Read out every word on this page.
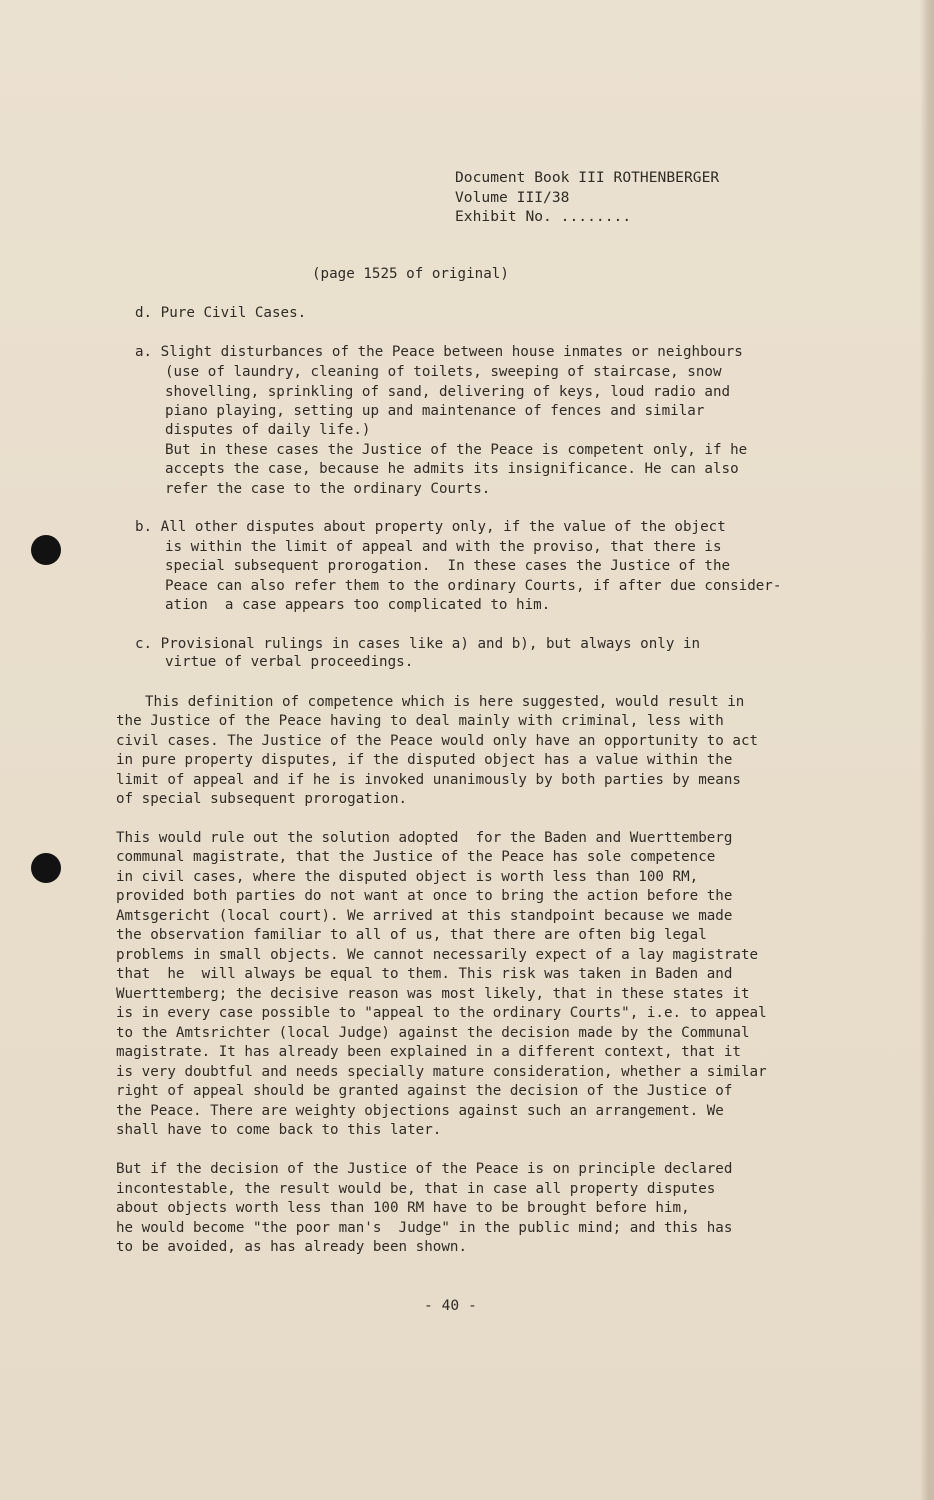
Document Book III ROTHENBERGER
Volume III/38
Exhibit No. ........
(page 1525 of original)
d. Pure Civil Cases.
a. Slight disturbances of the Peace between house inmates or neighbours
(use of laundry, cleaning of toilets, sweeping of staircase, snow
shovelling, sprinkling of sand, delivering of keys, loud radio and
piano playing, setting up and maintenance of fences and similar
disputes of daily life.)
But in these cases the Justice of the Peace is competent only, if he
accepts the case, because he admits its insignificance. He can also
refer the case to the ordinary Courts.
b. All other disputes about property only, if the value of the object
is within the limit of appeal and with the proviso, that there is
special subsequent prorogation.  In these cases the Justice of the
Peace can also refer them to the ordinary Courts, if after due consider-
ation  a case appears too complicated to him.
c. Provisional rulings in cases like a) and b), but always only in
virtue of verbal proceedings.
This definition of competence which is here suggested, would result in
the Justice of the Peace having to deal mainly with criminal, less with
civil cases. The Justice of the Peace would only have an opportunity to act
in pure property disputes, if the disputed object has a value within the
limit of appeal and if he is invoked unanimously by both parties by means
of special subsequent prorogation.
This would rule out the solution adopted  for the Baden and Wuerttemberg
communal magistrate, that the Justice of the Peace has sole competence
in civil cases, where the disputed object is worth less than 100 RM,
provided both parties do not want at once to bring the action before the
Amtsgericht (local court). We arrived at this standpoint because we made
the observation familiar to all of us, that there are often big legal
problems in small objects. We cannot necessarily expect of a lay magistrate
that  he  will always be equal to them. This risk was taken in Baden and
Wuerttemberg; the decisive reason was most likely, that in these states it
is in every case possible to "appeal to the ordinary Courts", i.e. to appeal
to the Amtsrichter (local Judge) against the decision made by the Communal
magistrate. It has already been explained in a different context, that it
is very doubtful and needs specially mature consideration, whether a similar
right of appeal should be granted against the decision of the Justice of
the Peace. There are weighty objections against such an arrangement. We
shall have to come back to this later.
But if the decision of the Justice of the Peace is on principle declared
incontestable, the result would be, that in case all property disputes
about objects worth less than 100 RM have to be brought before him,
he would become "the poor man's  Judge" in the public mind; and this has
to be avoided, as has already been shown.
- 40 -
